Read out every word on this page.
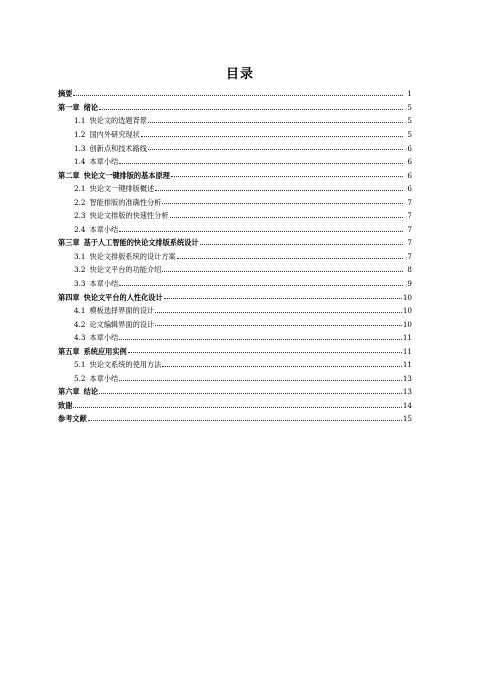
目录
摘要	1
第一章 绪论	5
1.1 快论文的选题背景	5
1.2 国内外研究现状	5
1.3 创新点和技术路线	6
1.4 本章小结	6
第二章 快论文一键排版的基本原理	6
2.1 快论文一键排版概述	6
2.2 智能排版的准确性分析	7
2.3 快论文排版的快速性分析	7
2.4 本章小结	7
第三章 基于人工智能的快论文排版系统设计	7
3.1 快论文排版系统的设计方案	7
3.2 快论文平台的功能介绍	8
3.3 本章小结	9
第四章 快论文平台的人性化设计	10
4.1 模板选择界面的设计	10
4.2 论文编辑界面的设计	10
4.3 本章小结	11
第五章 系统应用实例	11
5.1 快论文系统的使用方法	11
5.2 本章小结	13
第六章 结论	13
致谢	14
参考文献	15
